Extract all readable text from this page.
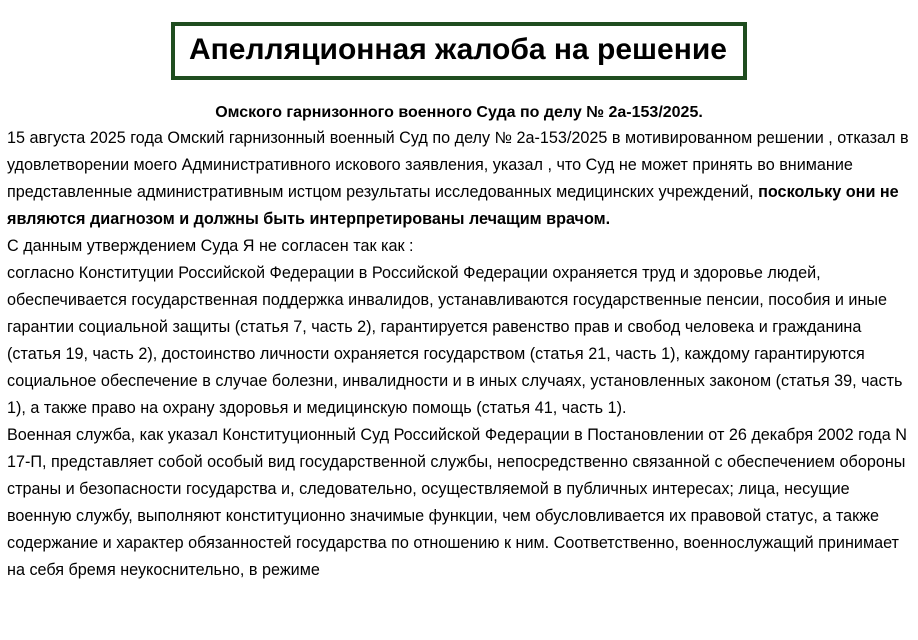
Апелляционная жалоба на решение
Омского гарнизонного военного Суда по делу № 2а-153/2025.

15 августа 2025 года Омский гарнизонный военный Суд по делу № 2а-153/2025 в мотивированном решении , отказал в удовлетворении моего Административного искового заявления, указал , что Суд не может принять во внимание представленные административным истцом результаты исследованных медицинских учреждений, поскольку они не являются диагнозом и должны быть интерпретированы лечащим врачом.

С данным утверждением Суда Я не согласен так как :

согласно Конституции Российской Федерации в Российской Федерации охраняется труд и здоровье людей, обеспечивается государственная поддержка инвалидов, устанавливаются государственные пенсии, пособия и иные гарантии социальной защиты (статья 7, часть 2), гарантируется равенство прав и свобод человека и гражданина (статья 19, часть 2), достоинство личности охраняется государством (статья 21, часть 1), каждому гарантируются социальное обеспечение в случае болезни, инвалидности и в иных случаях, установленных законом (статья 39, часть 1), а также право на охрану здоровья и медицинскую помощь (статья 41, часть 1).

Военная служба, как указал Конституционный Суд Российской Федерации в Постановлении от 26 декабря 2002 года N 17-П, представляет собой особый вид государственной службы, непосредственно связанной с обеспечением обороны страны и безопасности государства и, следовательно, осуществляемой в публичных интересах; лица, несущие военную службу, выполняют конституционно значимые функции, чем обусловливается их правовой статус, а также содержание и характер обязанностей государства по отношению к ним. Соответственно, военнослужащий принимает на себя бремя неукоснительно, в режиме
